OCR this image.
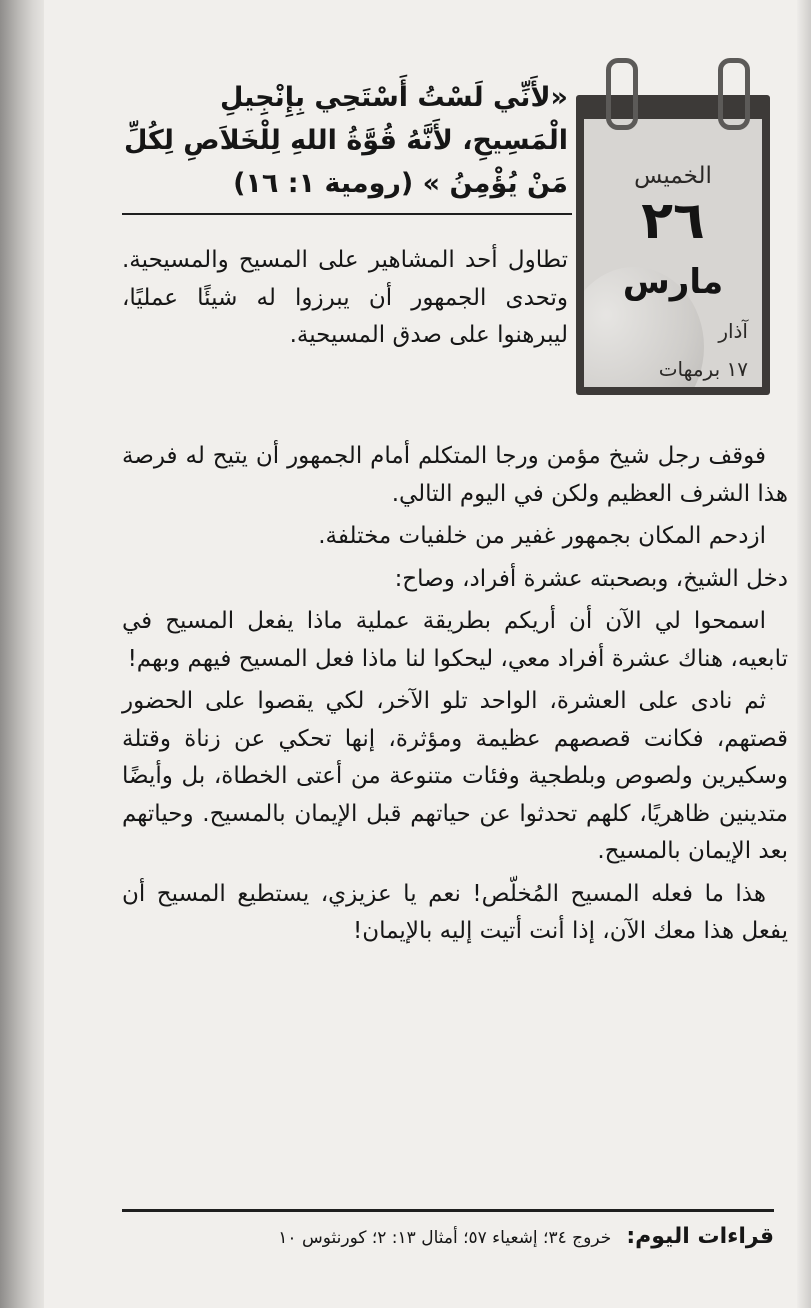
الخميس
٢٦
مارس
آذار
١٧ برمهات
«لأَنِّي لَسْتُ أَسْتَحِي بِإِنْجِيلِ الْمَسِيحِ، لأَنَّهُ قُوَّةُ اللهِ لِلْخَلاَصِ لِكُلِّ مَنْ يُؤْمِنُ » (رومية ١: ١٦)
تطاول أحد المشاهير على المسيح والمسيحية. وتحدى الجمهور أن يبرزوا له شيئًا عمليًا، ليبرهنوا على صدق المسيحية.

فوقف رجل شيخ مؤمن ورجا المتكلم أمام الجمهور أن يتيح له فرصة هذا الشرف العظيم ولكن في اليوم التالي.

ازدحم المكان بجمهور غفير من خلفيات مختلفة.

دخل الشيخ، وبصحبته عشرة أفراد، وصاح:

اسمحوا لي الآن أن أريكم بطريقة عملية ماذا يفعل المسيح في تابعيه، هناك عشرة أفراد معي، ليحكوا لنا ماذا فعل المسيح فيهم وبهم!

ثم نادى على العشرة، الواحد تلو الآخر، لكي يقصوا على الحضور قصتهم، فكانت قصصهم عظيمة ومؤثرة، إنها تحكي عن زناة وقتلة وسكيرين ولصوص وبلطجية وفئات متنوعة من أعتى الخطاة، بل وأيضًا متدينين ظاهريًا، كلهم تحدثوا عن حياتهم قبل الإيمان بالمسيح. وحياتهم بعد الإيمان بالمسيح.

هذا ما فعله المسيح المُخلّص! نعم يا عزيزي، يستطيع المسيح أن يفعل هذا معك الآن، إذا أنت أتيت إليه بالإيمان!

قراءات اليوم: خروج ٣٤؛ إشعياء ٥٧؛ أمثال ١٣: ٢؛ كورنثوس ١٠
